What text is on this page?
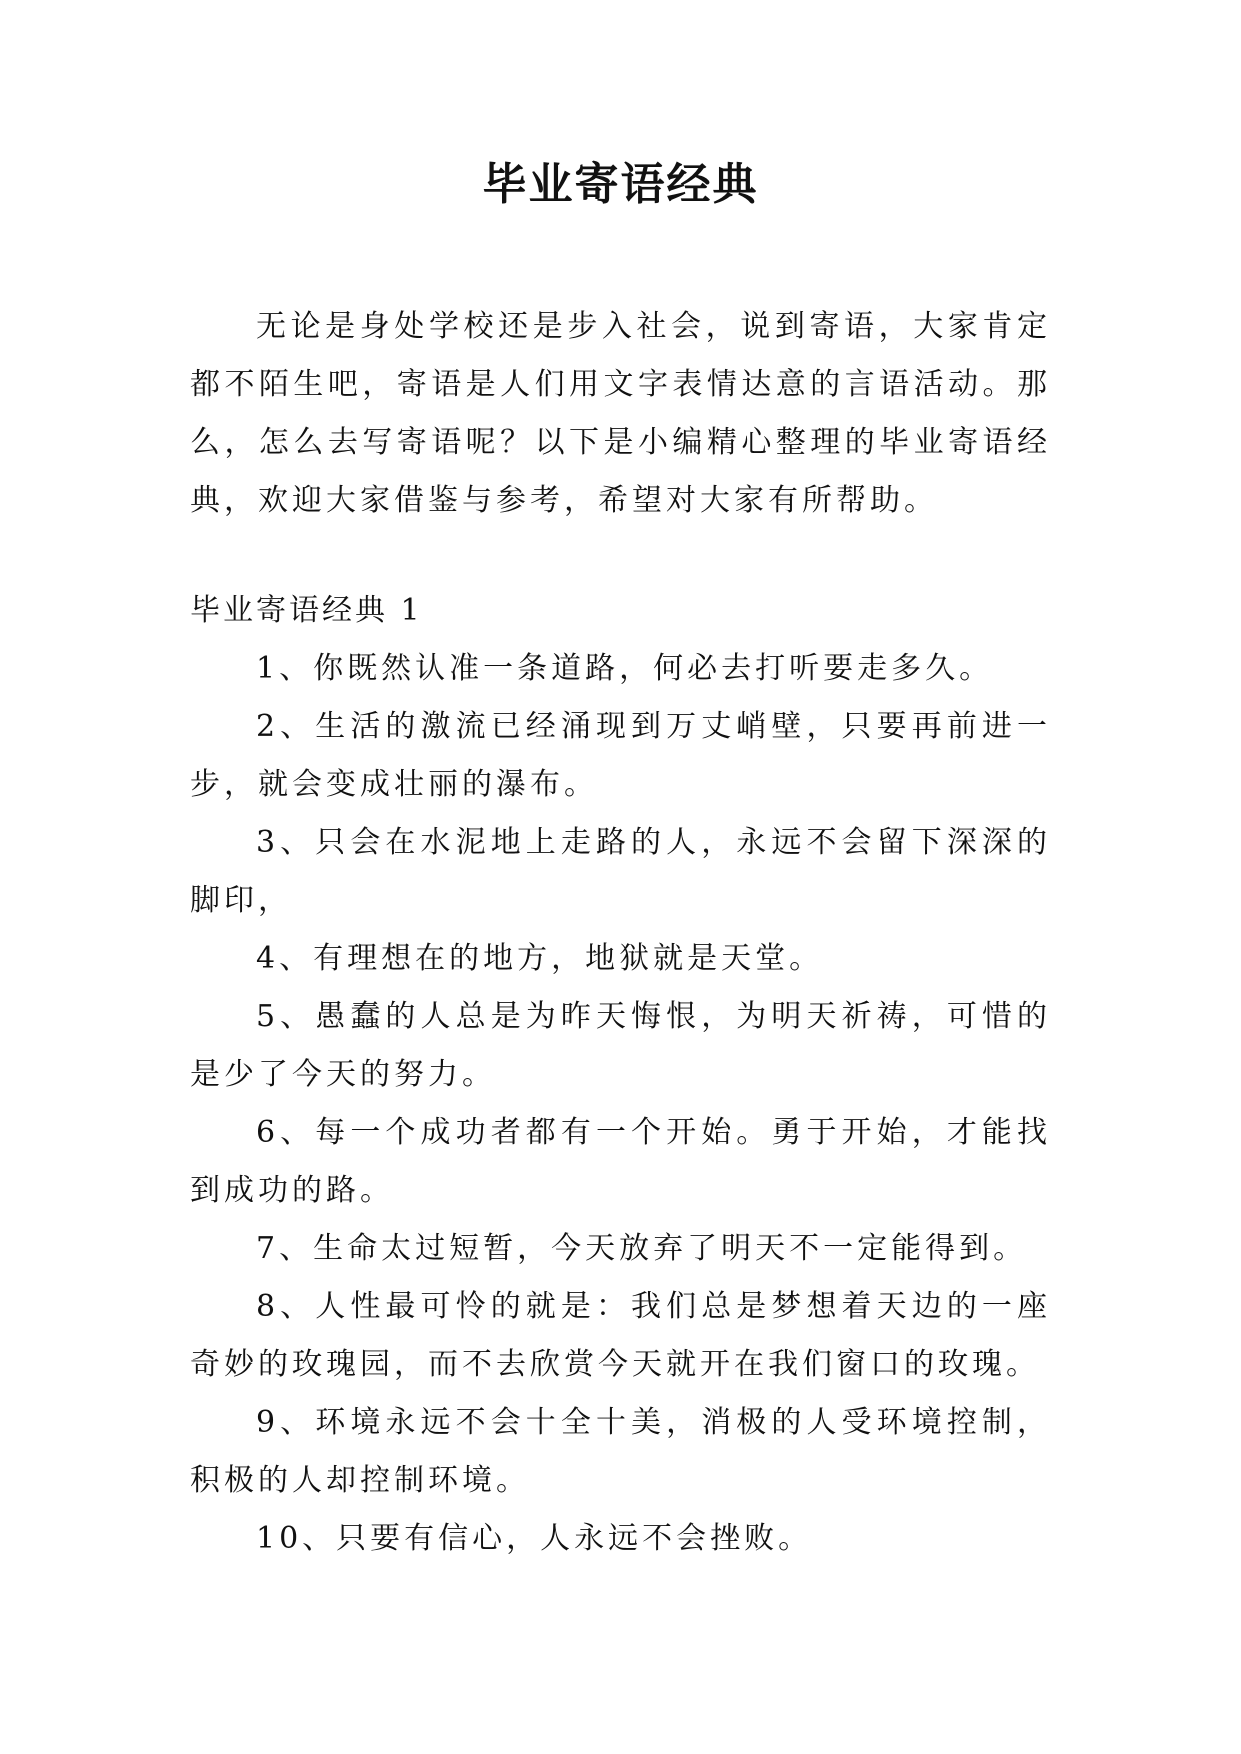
毕业寄语经典

无论是身处学校还是步入社会，说到寄语，大家肯定都不陌生吧，寄语是人们用文字表情达意的言语活动。那么，怎么去写寄语呢？以下是小编精心整理的毕业寄语经典，欢迎大家借鉴与参考，希望对大家有所帮助。

毕业寄语经典 1
1、你既然认准一条道路，何必去打听要走多久。
2、生活的激流已经涌现到万丈峭壁，只要再前进一步，就会变成壮丽的瀑布。
3、只会在水泥地上走路的人，永远不会留下深深的脚印，
4、有理想在的地方，地狱就是天堂。
5、愚蠢的人总是为昨天悔恨，为明天祈祷，可惜的是少了今天的努力。
6、每一个成功者都有一个开始。勇于开始，才能找到成功的路。
7、生命太过短暂，今天放弃了明天不一定能得到。
8、人性最可怜的就是：我们总是梦想着天边的一座奇妙的玫瑰园，而不去欣赏今天就开在我们窗口的玫瑰。
9、环境永远不会十全十美，消极的人受环境控制，积极的人却控制环境。
10、只要有信心，人永远不会挫败。
